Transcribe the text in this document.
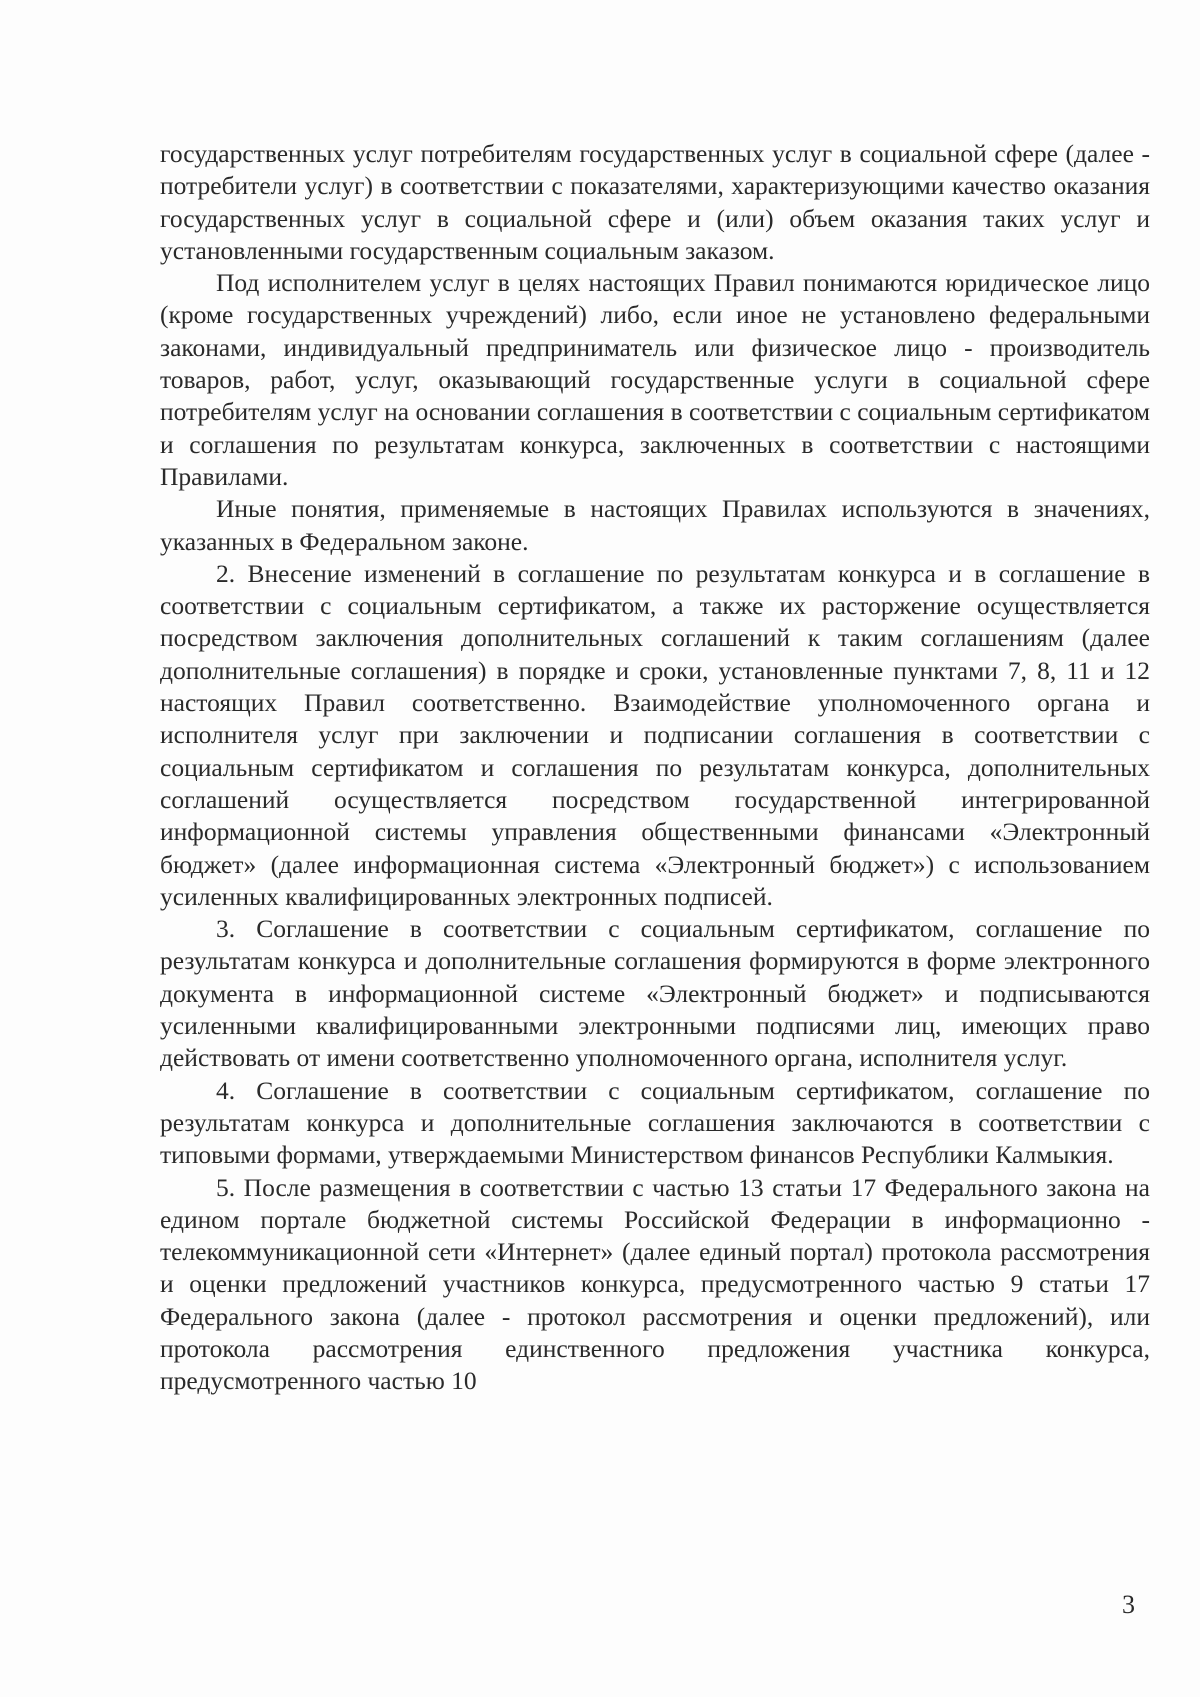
государственных услуг потребителям государственных услуг в социальной сфере (далее - потребители услуг) в соответствии с показателями, характеризующими качество оказания государственных услуг в социальной сфере и (или) объем оказания таких услуг и установленными государственным социальным заказом.

Под исполнителем услуг в целях настоящих Правил понимаются юридическое лицо (кроме государственных учреждений) либо, если иное не установлено федеральными законами, индивидуальный предприниматель или физическое лицо - производитель товаров, работ, услуг, оказывающий государственные услуги в социальной сфере потребителям услуг на основании соглашения в соответствии с социальным сертификатом и соглашения по результатам конкурса, заключенных в соответствии с настоящими Правилами.

Иные понятия, применяемые в настоящих Правилах используются в значениях, указанных в Федеральном законе.

2. Внесение изменений в соглашение по результатам конкурса и в соглашение в соответствии с социальным сертификатом, а также их расторжение осуществляется посредством заключения дополнительных соглашений к таким соглашениям (далее дополнительные соглашения) в порядке и сроки, установленные пунктами 7, 8, 11 и 12 настоящих Правил соответственно. Взаимодействие уполномоченного органа и исполнителя услуг при заключении и подписании соглашения в соответствии с социальным сертификатом и соглашения по результатам конкурса, дополнительных соглашений осуществляется посредством государственной интегрированной информационной системы управления общественными финансами «Электронный бюджет» (далее информационная система «Электронный бюджет») с использованием усиленных квалифицированных электронных подписей.

3. Соглашение в соответствии с социальным сертификатом, соглашение по результатам конкурса и дополнительные соглашения формируются в форме электронного документа в информационной системе «Электронный бюджет» и подписываются усиленными квалифицированными электронными подписями лиц, имеющих право действовать от имени соответственно уполномоченного органа, исполнителя услуг.

4. Соглашение в соответствии с социальным сертификатом, соглашение по результатам конкурса и дополнительные соглашения заключаются в соответствии с типовыми формами, утверждаемыми Министерством финансов Республики Калмыкия.

5. После размещения в соответствии с частью 13 статьи 17 Федерального закона на едином портале бюджетной системы Российской Федерации в информационно - телекоммуникационной сети «Интернет» (далее единый портал) протокола рассмотрения и оценки предложений участников конкурса, предусмотренного частью 9 статьи 17 Федерального закона (далее - протокол рассмотрения и оценки предложений), или протокола рассмотрения единственного предложения участника конкурса, предусмотренного частью 10

3
